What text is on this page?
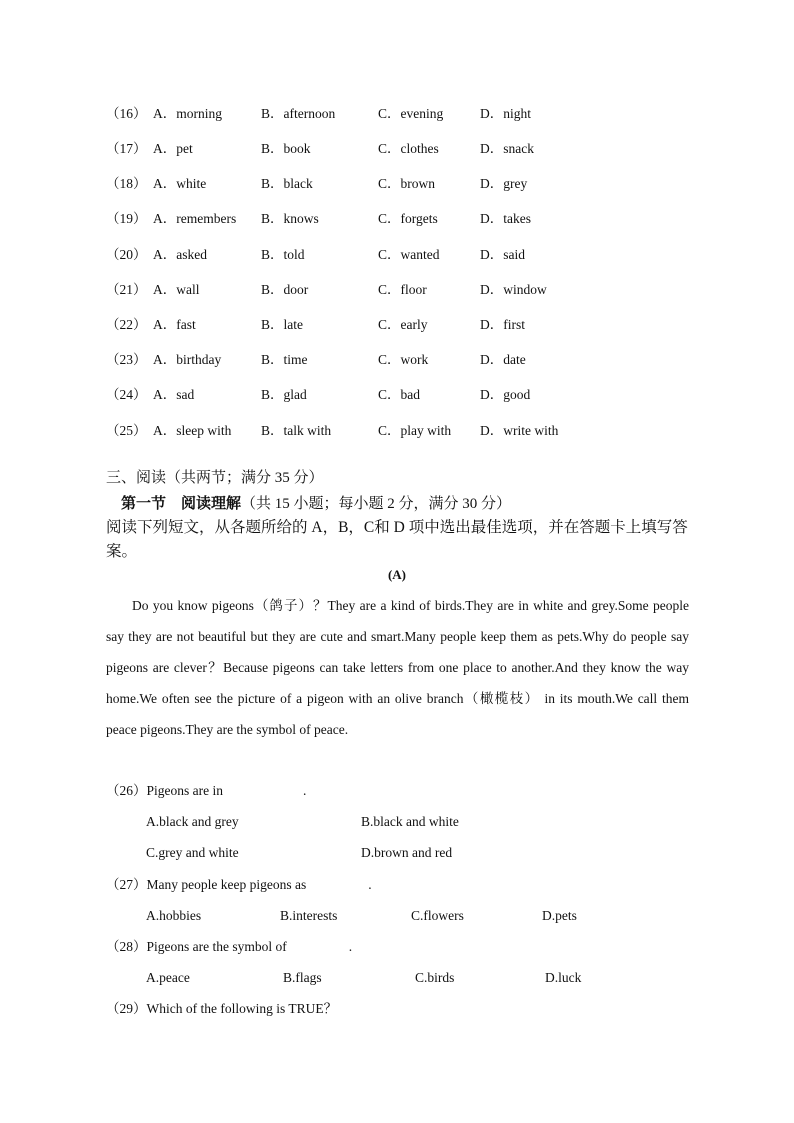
（16） A．morning	B．afternoon	C．evening	D．night
（17） A．pet	B．book	C．clothes	D．snack
（18） A．white	B．black	C．brown	D．grey
（19） A．remembers B．knows	C．forgets	D．takes
（20） A．asked	B．told	C．wanted	D．said
（21） A．wall	B．door	C．floor	D．window
（22） A．fast	B．late	C．early	D．first
（23） A．birthday	B．time	C．work	D．date
（24） A．sad	B．glad	C．bad	D．good
（25） A．sleep with B．talk with	C．play with D．write with
三、阅读（共两节；满分 35 分）
第一节　阅读理解（共 15 小题；每小题 2 分，满分 30 分）
阅读下列短文，从各题所给的 A，B，C和 D 项中选出最佳选项，并在答题卡上填写答案。
(A)
Do you know pigeons（鸽子）？They are a kind of birds.They are in white and grey.Some people say they are not beautiful but they are cute and smart.Many people keep them as pets.Why do people say pigeons are clever？Because pigeons can take letters from one place to another.And they know the way home.We often see the picture of a pigeon with an olive branch（橄榄枝） in its mouth.We call them peace pigeons.They are the symbol of peace.
（26）Pigeons are in	.
A.black and grey	B.black and white
C.grey and white	D.brown and red
（27）Many people keep pigeons as	.
A.hobbies	B.interests	C.flowers	D.pets
（28）Pigeons are the symbol of	.
A.peace	B.flags	C.birds	D.luck
（29）Which of the following is TRUE？
